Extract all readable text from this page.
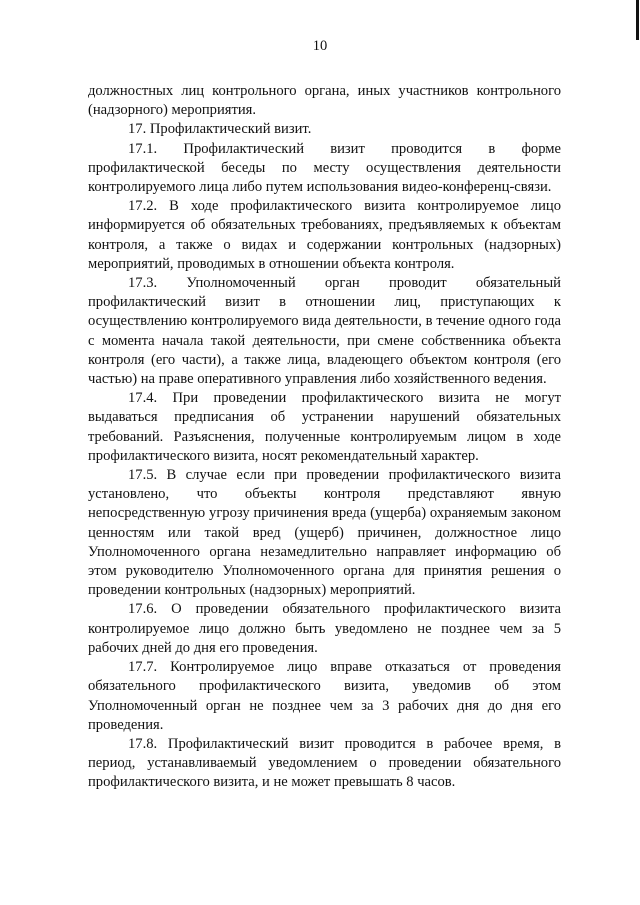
10

должностных лиц контрольного органа, иных участников контрольного (надзорного) мероприятия.

17. Профилактический визит.

17.1. Профилактический визит проводится в форме профилактической беседы по месту осуществления деятельности контролируемого лица либо путем использования видео-конференц-связи.

17.2. В ходе профилактического визита контролируемое лицо информируется об обязательных требованиях, предъявляемых к объектам контроля, а также о видах и содержании контрольных (надзорных) мероприятий, проводимых в отношении объекта контроля.

17.3. Уполномоченный орган проводит обязательный профилактический визит в отношении лиц, приступающих к осуществлению контролируемого вида деятельности, в течение одного года с момента начала такой деятельности, при смене собственника объекта контроля (его части), а также лица, владеющего объектом контроля (его частью) на праве оперативного управления либо хозяйственного ведения.

17.4. При проведении профилактического визита не могут выдаваться предписания об устранении нарушений обязательных требований. Разъяснения, полученные контролируемым лицом в ходе профилактического визита, носят рекомендательный характер.

17.5. В случае если при проведении профилактического визита установлено, что объекты контроля представляют явную непосредственную угрозу причинения вреда (ущерба) охраняемым законом ценностям или такой вред (ущерб) причинен, должностное лицо Уполномоченного органа незамедлительно направляет информацию об этом руководителю Уполномоченного органа для принятия решения о проведении контрольных (надзорных) мероприятий.

17.6. О проведении обязательного профилактического визита контролируемое лицо должно быть уведомлено не позднее чем за 5 рабочих дней до дня его проведения.

17.7. Контролируемое лицо вправе отказаться от проведения обязательного профилактического визита, уведомив об этом Уполномоченный орган не позднее чем за 3 рабочих дня до дня его проведения.

17.8. Профилактический визит проводится в рабочее время, в период, устанавливаемый уведомлением о проведении обязательного профилактического визита, и не может превышать 8 часов.
